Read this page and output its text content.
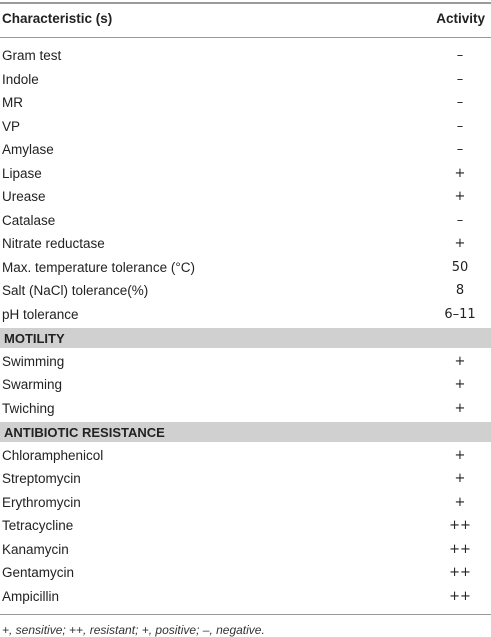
Characteristic (s)	Activity
Gram test	–
Indole	–
MR	–
VP	–
Amylase	–
Lipase	+
Urease	+
Catalase	–
Nitrate reductase	+
Max. temperature tolerance (°C)	50
Salt (NaCl) tolerance(%)	8
pH tolerance	6–11
MOTILITY
Swimming	+
Swarming	+
Twiching	+
ANTIBIOTIC RESISTANCE
Chloramphenicol	+
Streptomycin	+
Erythromycin	+
Tetracycline	++
Kanamycin	++
Gentamycin	++
Ampicillin	++
+, sensitive; ++, resistant; +, positive; –, negative.
